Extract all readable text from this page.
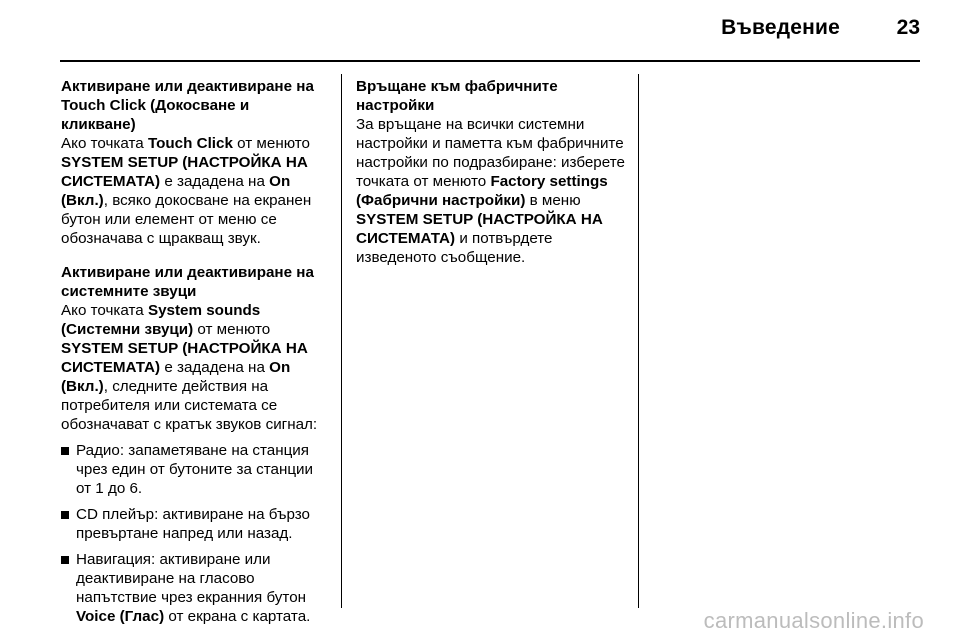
Въведение	23
Активиране или деактивиране на Touch Click (Докосване и кликване)
Ако точката Touch Click от менюто SYSTEM SETUP (НАСТРОЙКА НА СИСТЕМАТА) е зададена на On (Вкл.), всяко докосване на екранен бутон или елемент от меню се обозначава с щракващ звук.
Активиране или деактивиране на системните звуци
Ако точката System sounds (Системни звуци) от менюто SYSTEM SETUP (НАСТРОЙКА НА СИСТЕМАТА) е зададена на On (Вкл.), следните действия на потребителя или системата се обозначават с кратък звуков сигнал:
Радио: запаметяване на станция чрез един от бутоните за станции от 1 до 6.
CD плейър: активиране на бързо превъртане напред или назад.
Навигация: активиране или деактивиране на гласово напътствие чрез екранния бутон Voice (Глас) от екрана с картата.
Връщане към фабричните настройки
За връщане на всички системни настройки и паметта към фабричните настройки по подразбиране: изберете точката от менюто Factory settings (Фабрични настройки) в меню SYSTEM SETUP (НАСТРОЙКА НА СИСТЕМАТА) и потвърдете изведеното съобщение.
carmanualsonline.info
